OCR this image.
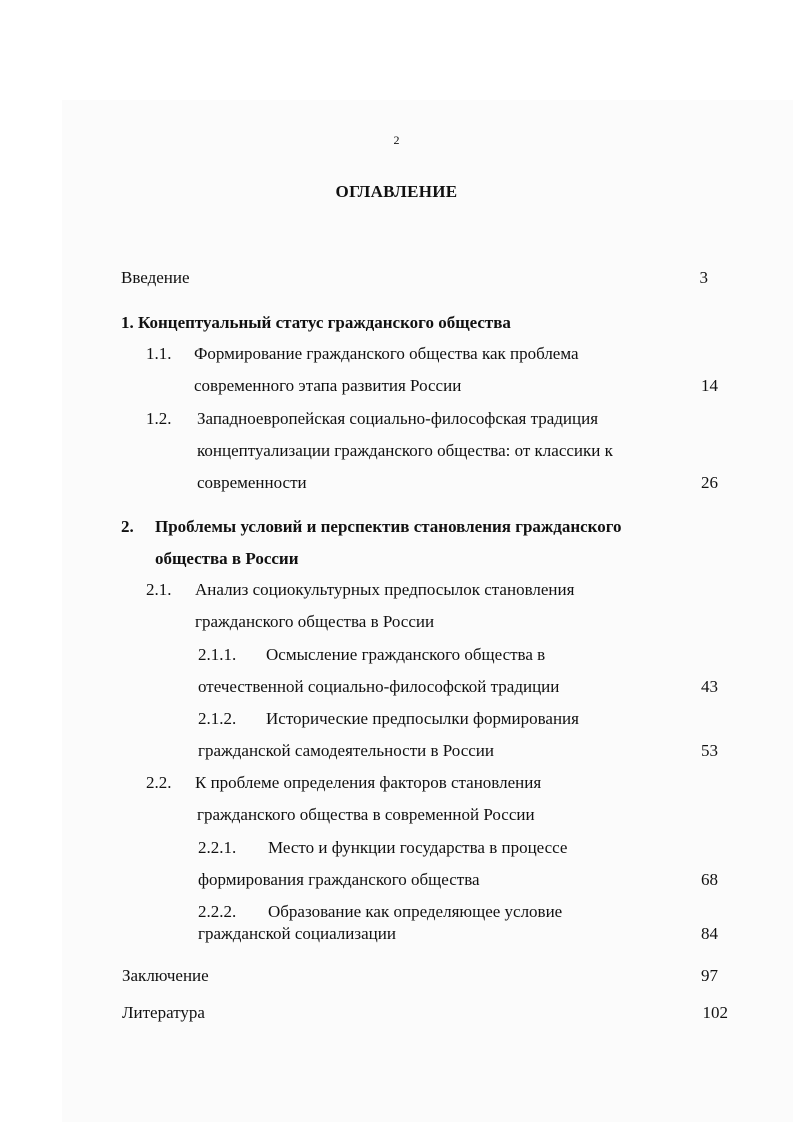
2
ОГЛАВЛЕНИЕ
Введение	3
1. Концептуальный статус гражданского общества
1.1. Формирование гражданского общества как проблема
современного этапа развития России	14
1.2. Западноевропейская социально-философская традиция
концептуализации гражданского общества: от классики к
современности	26
2. Проблемы условий и перспектив становления гражданского
общества в России
2.1. Анализ социокультурных предпосылок становления
гражданского общества в России
2.1.1. Осмысление гражданского общества в
отечественной социально-философской традиции	43
2.1.2. Исторические предпосылки формирования
гражданской самодеятельности в России	53
2.2. К проблеме определения факторов становления
гражданского общества в современной России
2.2.1. Место и функции государства в процессе
формирования гражданского общества	68
2.2.2. Образование как определяющее условие
гражданской социализации	84
Заключение	97
Литература	102
